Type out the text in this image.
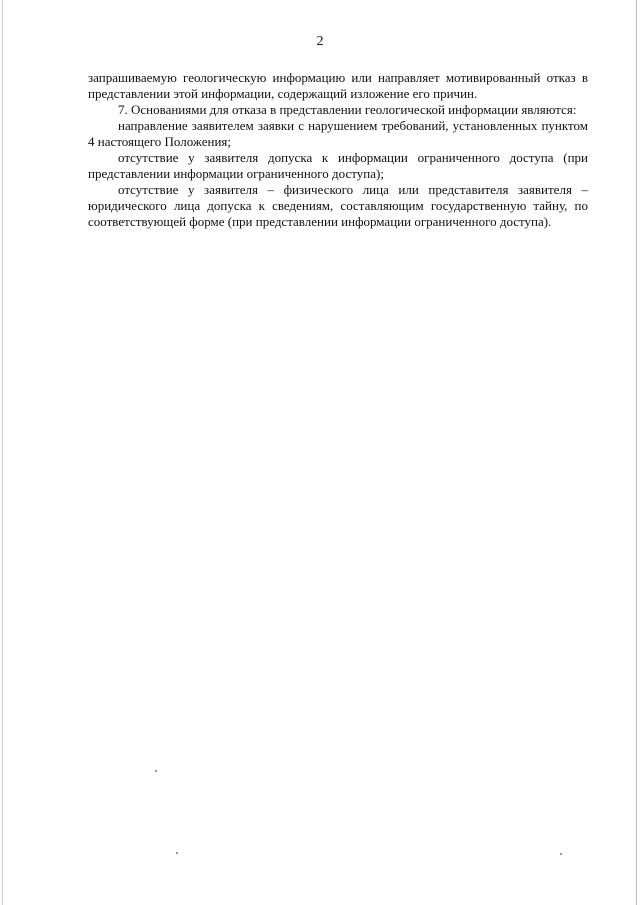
2

запрашиваемую геологическую информацию или направляет мотивированный отказ в представлении этой информации, содержащий изложение его причин.

7. Основаниями для отказа в представлении геологической информации являются:

направление заявителем заявки с нарушением требований, установленных пунктом 4 настоящего Положения;

отсутствие у заявителя допуска к информации ограниченного доступа (при представлении информации ограниченного доступа);

отсутствие у заявителя – физического лица или представителя заявителя – юридического лица допуска к сведениям, составляющим государственную тайну, по соответствующей форме (при представлении информации ограниченного доступа).
